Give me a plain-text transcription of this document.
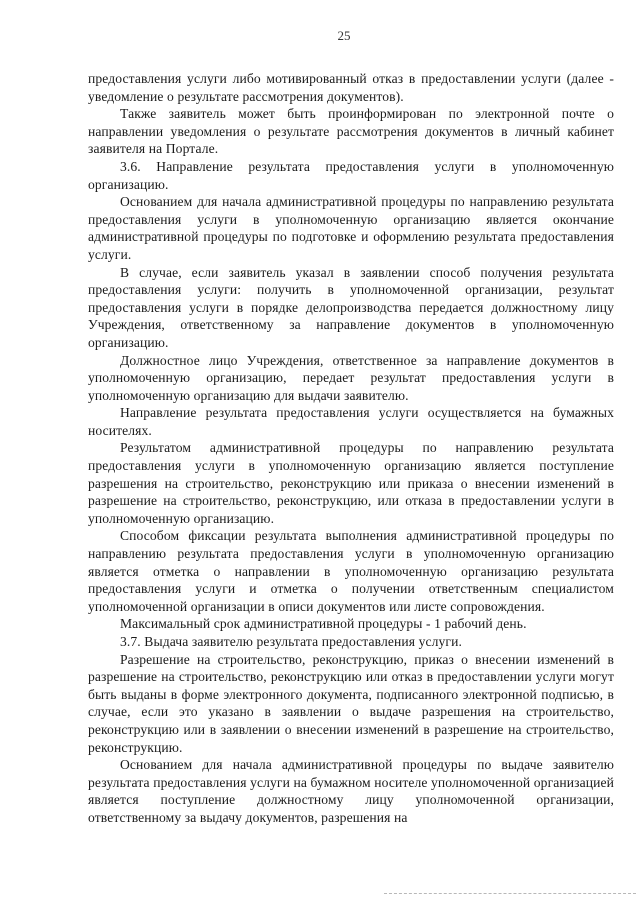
25

предоставления услуги либо мотивированный отказ в предоставлении услуги (далее - уведомление о результате рассмотрения документов).

Также заявитель может быть проинформирован по электронной почте о направлении уведомления о результате рассмотрения документов в личный кабинет заявителя на Портале.

3.6. Направление результата предоставления услуги в уполномоченную организацию.

Основанием для начала административной процедуры по направлению результата предоставления услуги в уполномоченную организацию является окончание административной процедуры по подготовке и оформлению результата предоставления услуги.

В случае, если заявитель указал в заявлении способ получения результата предоставления услуги: получить в уполномоченной организации, результат предоставления услуги в порядке делопроизводства передается должностному лицу Учреждения, ответственному за направление документов в уполномоченную организацию.

Должностное лицо Учреждения, ответственное за направление документов в уполномоченную организацию, передает результат предоставления услуги в уполномоченную организацию для выдачи заявителю.

Направление результата предоставления услуги осуществляется на бумажных носителях.

Результатом административной процедуры по направлению результата предоставления услуги в уполномоченную организацию является поступление разрешения на строительство, реконструкцию или приказа о внесении изменений в разрешение на строительство, реконструкцию, или отказа в предоставлении услуги в уполномоченную организацию.

Способом фиксации результата выполнения административной процедуры по направлению результата предоставления услуги в уполномоченную организацию является отметка о направлении в уполномоченную организацию результата предоставления услуги и отметка о получении ответственным специалистом уполномоченной организации в описи документов или листе сопровождения.

Максимальный срок административной процедуры - 1 рабочий день.

3.7. Выдача заявителю результата предоставления услуги.

Разрешение на строительство, реконструкцию, приказ о внесении изменений в разрешение на строительство, реконструкцию или отказ в предоставлении услуги могут быть выданы в форме электронного документа, подписанного электронной подписью, в случае, если это указано в заявлении о выдаче разрешения на строительство, реконструкцию или в заявлении о внесении изменений в разрешение на строительство, реконструкцию.

Основанием для начала административной процедуры по выдаче заявителю результата предоставления услуги на бумажном носителе уполномоченной организацией является поступление должностному лицу уполномоченной организации, ответственному за выдачу документов, разрешения на
